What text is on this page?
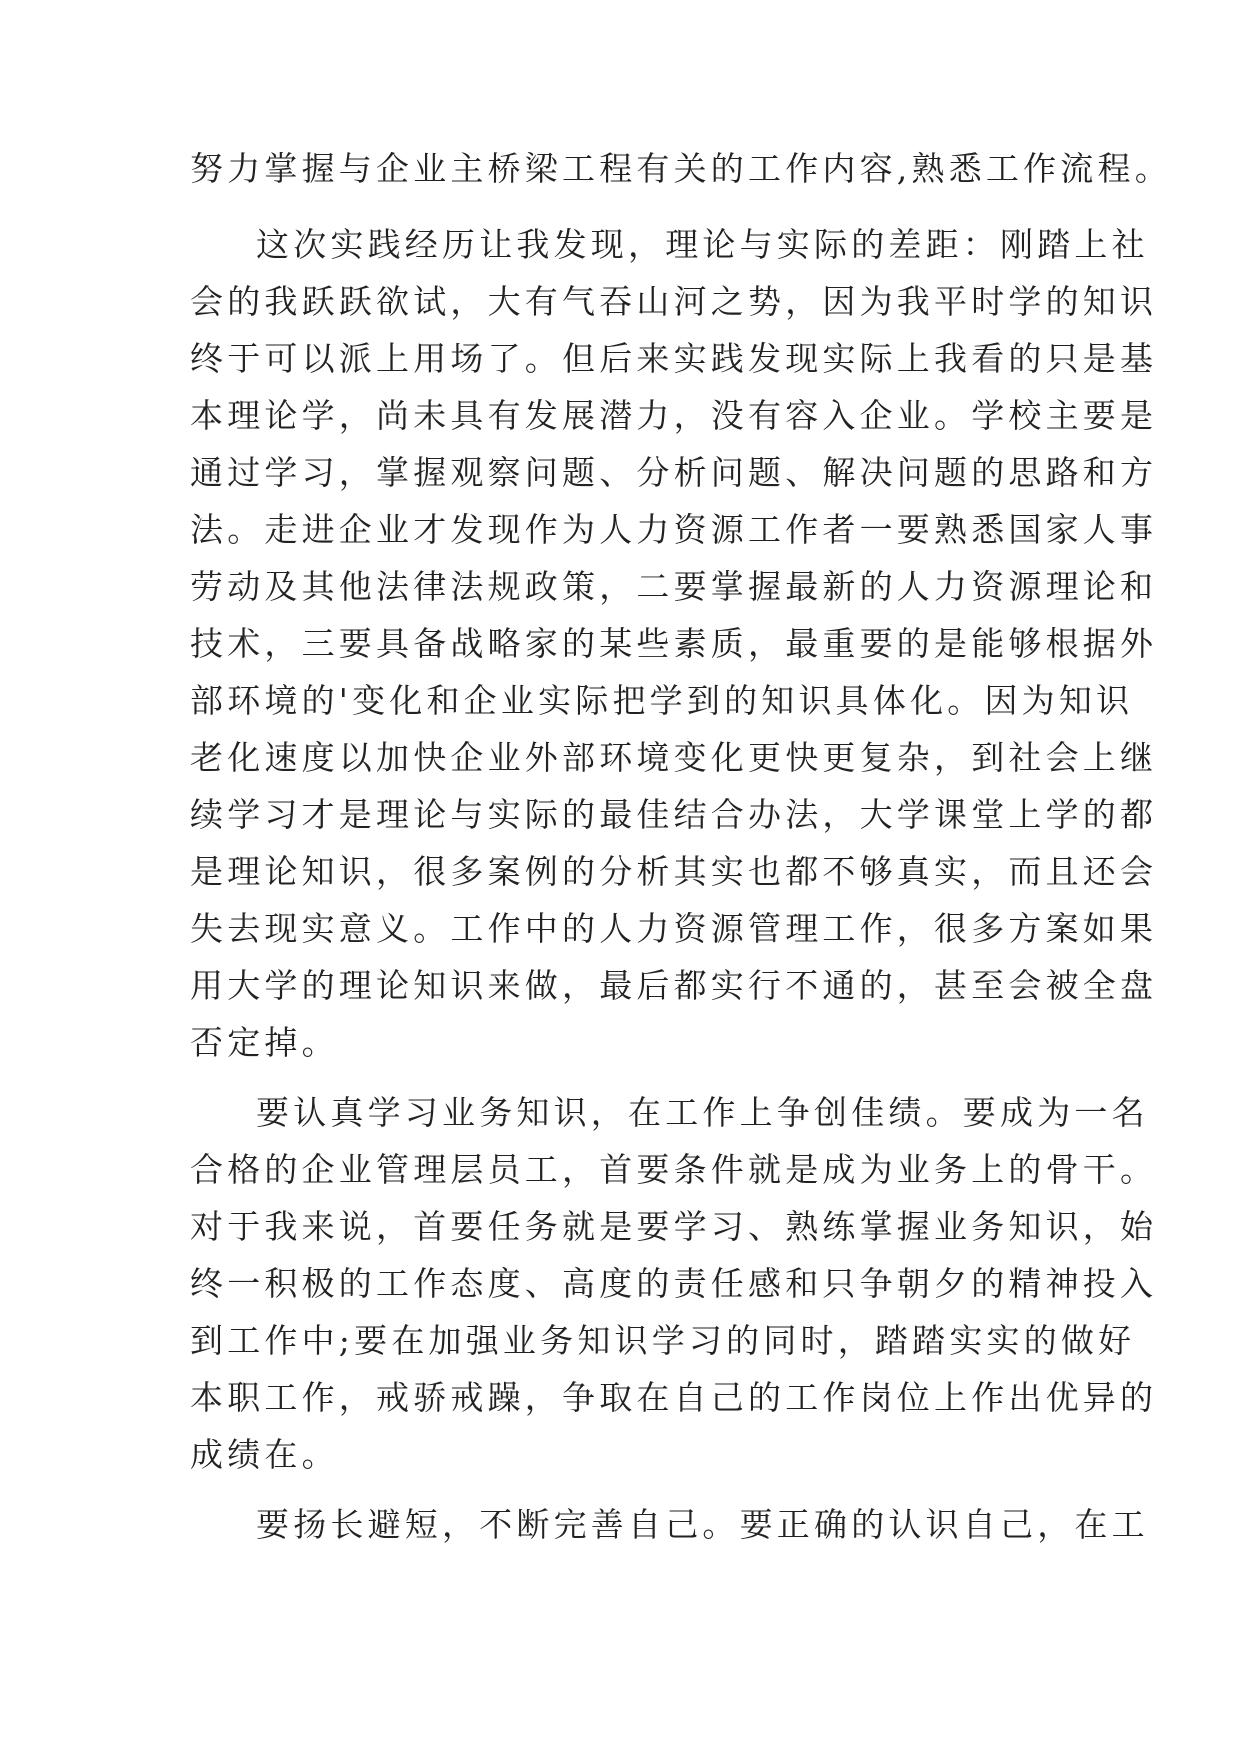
努力掌握与企业主桥梁工程有关的工作内容,熟悉工作流程。
这次实践经历让我发现，理论与实际的差距：刚踏上社
会的我跃跃欲试，大有气吞山河之势，因为我平时学的知识
终于可以派上用场了。但后来实践发现实际上我看的只是基
本理论学，尚未具有发展潜力，没有容入企业。学校主要是
通过学习，掌握观察问题、分析问题、解决问题的思路和方
法。走进企业才发现作为人力资源工作者一要熟悉国家人事
劳动及其他法律法规政策，二要掌握最新的人力资源理论和
技术，三要具备战略家的某些素质，最重要的是能够根据外
部环境的'变化和企业实际把学到的知识具体化。因为知识
老化速度以加快企业外部环境变化更快更复杂，到社会上继
续学习才是理论与实际的最佳结合办法，大学课堂上学的都
是理论知识，很多案例的分析其实也都不够真实，而且还会
失去现实意义。工作中的人力资源管理工作，很多方案如果
用大学的理论知识来做，最后都实行不通的，甚至会被全盘
否定掉。
要认真学习业务知识，在工作上争创佳绩。要成为一名
合格的企业管理层员工，首要条件就是成为业务上的骨干。
对于我来说，首要任务就是要学习、熟练掌握业务知识，始
终一积极的工作态度、高度的责任感和只争朝夕的精神投入
到工作中;要在加强业务知识学习的同时，踏踏实实的做好
本职工作，戒骄戒躁，争取在自己的工作岗位上作出优异的
成绩在。
要扬长避短，不断完善自己。要正确的认识自己，在工
